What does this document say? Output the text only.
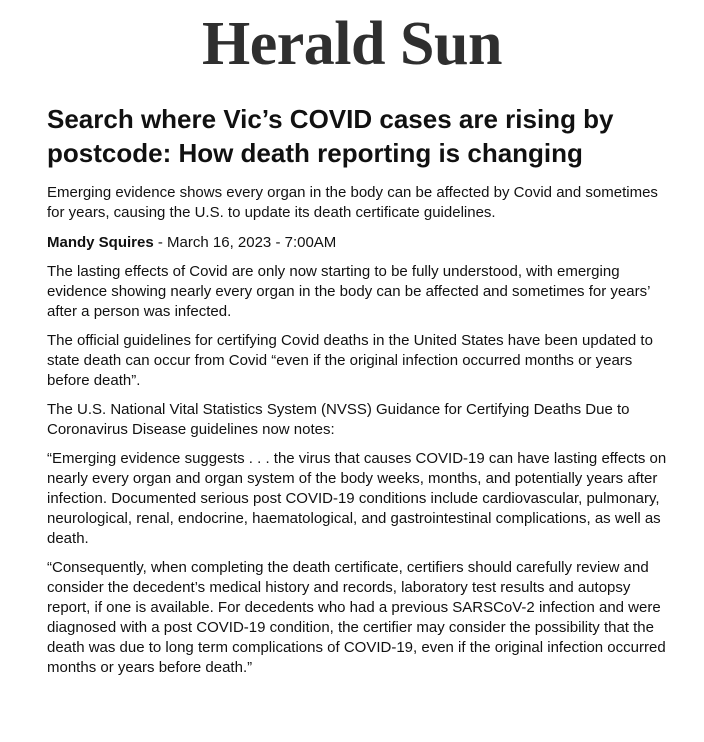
Herald Sun
Search where Vic’s COVID cases are rising by postcode: How death reporting is changing

Emerging evidence shows every organ in the body can be affected by Covid and sometimes for years, causing the U.S. to update its death certificate guidelines.

Mandy Squires - March 16, 2023 - 7:00AM

The lasting effects of Covid are only now starting to be fully understood, with emerging evidence showing nearly every organ in the body can be affected and sometimes for years’ after a person was infected.

The official guidelines for certifying Covid deaths in the United States have been updated to state death can occur from Covid “even if the original infection occurred months or years before death”.

The U.S. National Vital Statistics System (NVSS) Guidance for Certifying Deaths Due to Coronavirus Disease guidelines now notes:

“Emerging evidence suggests . . . the virus that causes COVID-19 can have lasting effects on nearly every organ and organ system of the body weeks, months, and potentially years after infection. Documented serious post COVID-19 conditions include cardiovascular, pulmonary, neurological, renal, endocrine, haematological, and gastrointestinal complications, as well as death.

“Consequently, when completing the death certificate, certifiers should carefully review and consider the decedent’s medical history and records, laboratory test results and autopsy report, if one is available. For decedents who had a previous SARSCoV-2 infection and were diagnosed with a post COVID-19 condition, the certifier may consider the possibility that the death was due to long term complications of COVID-19, even if the original infection occurred months or years before death.”
